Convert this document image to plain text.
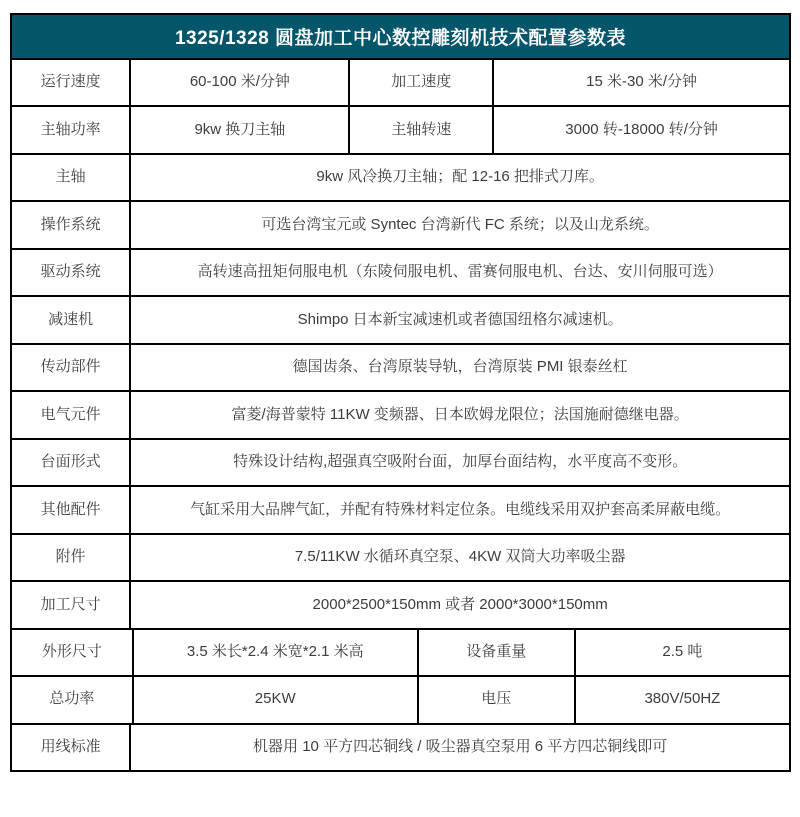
1325/1328 圆盘加工中心数控雕刻机技术配置参数表
运行速度	60-100 米/分钟	加工速度	15 米-30 米/分钟
主轴功率	9kw 换刀主轴	主轴转速	3000 转-18000 转/分钟
主轴	9kw 风冷换刀主轴；配 12-16 把排式刀库。
操作系统	可选台湾宝元或 Syntec 台湾新代 FC 系统；以及山龙系统。
驱动系统	高转速高扭矩伺服电机（东陵伺服电机、雷赛伺服电机、台达、安川伺服可选）
减速机	Shimpo 日本新宝减速机或者德国纽格尔减速机。
传动部件	德国齿条、台湾原装导轨，台湾原装 PMI 银泰丝杠
电气元件	富菱/海普蒙特 11KW 变频器、日本欧姆龙限位；法国施耐德继电器。
台面形式	特殊设计结构,超强真空吸附台面，加厚台面结构，水平度高不变形。
其他配件	气缸采用大品牌气缸，并配有特殊材料定位条。电缆线采用双护套高柔屏蔽电缆。
附件	7.5/11KW 水循环真空泵、4KW 双筒大功率吸尘器
加工尺寸	2000*2500*150mm 或者 2000*3000*150mm
外形尺寸	3.5 米长*2.4 米宽*2.1 米高	设备重量	2.5 吨
总功率	25KW	电压	380V/50HZ
用线标准	机器用 10 平方四芯铜线 / 吸尘器真空泵用 6 平方四芯铜线即可
